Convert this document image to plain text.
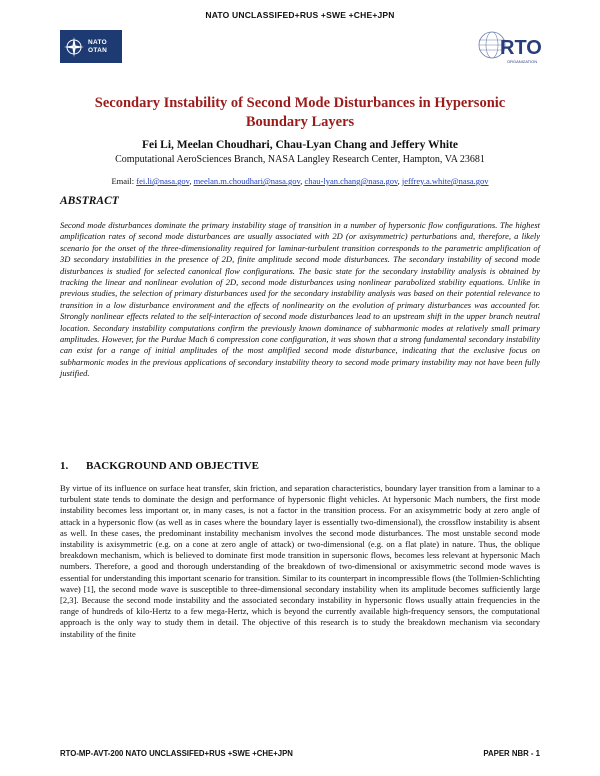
NATO UNCLASSIFED+RUS +SWE +CHE+JPN
NATO
OTAN	RTO
ORGANIZATION
Secondary Instability of Second Mode Disturbances in Hypersonic
Boundary Layers
Fei Li, Meelan Choudhari, Chau-Lyan Chang and Jeffery White
Computational AeroSciences Branch, NASA Langley Research Center, Hampton, VA 23681
Email: fei.li@nasa.gov, meelan.m.choudhari@nasa.gov, chau-lyan.chang@nasa.gov, jeffrey.a.white@nasa.gov
ABSTRACT

Second mode disturbances dominate the primary instability stage of transition in a number of hypersonic flow configurations. The highest amplification rates of second mode disturbances are usually associated with 2D (or axisymmetric) perturbations and, therefore, a likely scenario for the onset of the three-dimensionality required for laminar-turbulent transition corresponds to the parametric amplification of 3D secondary instabilities in the presence of 2D, finite amplitude second mode disturbances. The secondary instability of second mode disturbances is studied for selected canonical flow configurations. The basic state for the secondary instability analysis is obtained by tracking the linear and nonlinear evolution of 2D, second mode disturbances using nonlinear parabolized stability equations. Unlike in previous studies, the selection of primary disturbances used for the secondary instability analysis was based on their potential relevance to transition in a low disturbance environment and the effects of nonlinearity on the evolution of primary disturbances was accounted for. Strongly nonlinear effects related to the self-interaction of second mode disturbances lead to an upstream shift in the upper branch neutral location. Secondary instability computations confirm the previously known dominance of subharmonic modes at relatively small primary amplitudes. However, for the Purdue Mach 6 compression cone configuration, it was shown that a strong fundamental secondary instability can exist for a range of initial amplitudes of the most amplified second mode disturbance, indicating that the exclusive focus on subharmonic modes in the previous applications of secondary instability theory to second mode primary instability may not have been fully justified.

1. BACKGROUND AND OBJECTIVE

By virtue of its influence on surface heat transfer, skin friction, and separation characteristics, boundary layer transition from a laminar to a turbulent state tends to dominate the design and performance of hypersonic flight vehicles. At hypersonic Mach numbers, the first mode instability becomes less important or, in many cases, is not a factor in the transition process. For an axisymmetric body at zero angle of attack in a hypersonic flow (as well as in cases where the boundary layer is essentially two-dimensional), the crossflow instability is absent as well. In these cases, the predominant instability mechanism involves the second mode disturbances. The most unstable second mode instability is axisymmetric (e.g. on a cone at zero angle of attack) or two-dimensional (e.g. on a flat plate) in nature. Thus, the oblique breakdown mechanism, which is believed to dominate first mode transition in supersonic flows, becomes less relevant at hypersonic Mach numbers. Therefore, a good and thorough understanding of the breakdown of two-dimensional or axisymmetric second mode waves is essential for understanding this important scenario for transition. Similar to its counterpart in incompressible flows (the Tollmien-Schlichting wave) [1], the second mode wave is susceptible to three-dimensional secondary instability when its amplitude becomes sufficiently large [2,3]. Because the second mode instability and the associated secondary instability in hypersonic flows usually attain frequencies in the range of hundreds of kilo-Hertz to a few mega-Hertz, which is beyond the currently available high-frequency sensors, the computational approach is the only way to study them in detail. The objective of this research is to study the breakdown mechanism via secondary instability of the finite

RTO-MP-AVT-200 NATO UNCLASSIFED+RUS +SWE +CHE+JPN	PAPER NBR - 1
